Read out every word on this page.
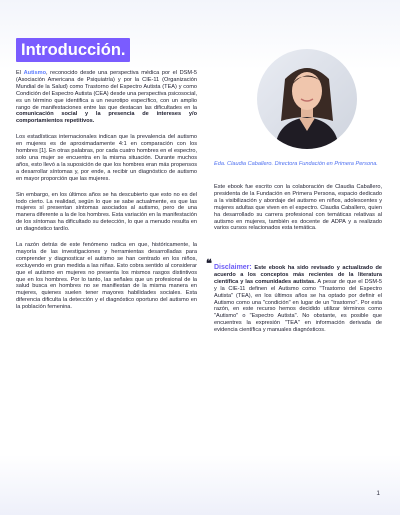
Introducción.

El Autismo, reconocido desde una perspectiva médica por el DSM-5 (Asociación Americana de Psiquiatría) y por la CIE-11 (Organización Mundial de la Salud) como Trastorno del Espectro Autista (TEA) y como Condición del Espectro Autista (CEA) desde una perspectiva psicosocial, es un término que identifica a un neurotipo específico, con un amplio rango de manifestaciones entre las que destacan las dificultades en la comunicación social y la presencia de intereses y/o comportamientos repetitivos.

Los estadísticas internacionales indican que la prevalencia del autismo en mujeres es de aproximadamente 4:1 en comparación con los hombres [1]. En otras palabras, por cada cuatro hombres en el espectro, solo una mujer se encuentra en la misma situación. Durante muchos años, esto llevó a la suposición de que los hombres eran más propensos a desarrollar síntomas y, por ende, a recibir un diagnóstico de autismo en mayor proporción que las mujeres.

Sin embargo, en los últimos años se ha descubierto que esto no es del todo cierto. La realidad, según lo que se sabe actualmente, es que las mujeres sí presentan síntomas asociados al autismo, pero de una manera diferente a la de los hombres. Esta variación en la manifestación de los síntomas ha dificultado su detección, lo que a menudo resulta en un diagnóstico tardío.

La razón detrás de este fenómeno radica en que, históricamente, la mayoría de las investigaciones y herramientas desarrolladas para comprender y diagnosticar el autismo se han centrado en los niños, excluyendo en gran medida a las niñas. Esto cobra sentido al considerar que el autismo en mujeres no presenta los mismos rasgos distintivos que en los hombres. Por lo tanto, las señales que un profesional de la salud busca en hombres no se manifiestan de la misma manera en mujeres, quienes suelen tener mayores habilidades sociales. Esta diferencia dificulta la detección y el diagnóstico oportuno del autismo en la población femenina.

Eda. Claudia Caballero. Directora Fundación en Primera Persona.

Este ebook fue escrito con la colaboración de Claudia Caballero, presidenta de la Fundación en Primera Persona, espacio dedicado a la visibilización y abordaje del autismo en niños, adolescentes y mujeres adultas que viven en el espectro. Claudia Caballero, quien ha desarrollado su carrera profesional con temáticas relativas al autismo en mujeres, también es docente de ADPA y a realizado varios cursos relacionados esta temática.

❝ Disclaimer: Este ebook ha sido revisado y actualizado de acuerdo a los conceptos más recientes de la literatura científica y las comunidades autistas. A pesar de que el DSM-5 y la CIE-11 definen el Autismo como "Trastorno del Espectro Autista" (TEA), en los últimos años se ha optado por definir el Autismo como una "condición" en lugar de un "trastorno". Por esta razón, en este recurso hemos decidido utilizar términos como "Autismo" o "Espectro Autista". No obstante, es posible que encuentres la expresión "TEA" en información derivada de evidencia científica y manuales diagnósticos.

1
